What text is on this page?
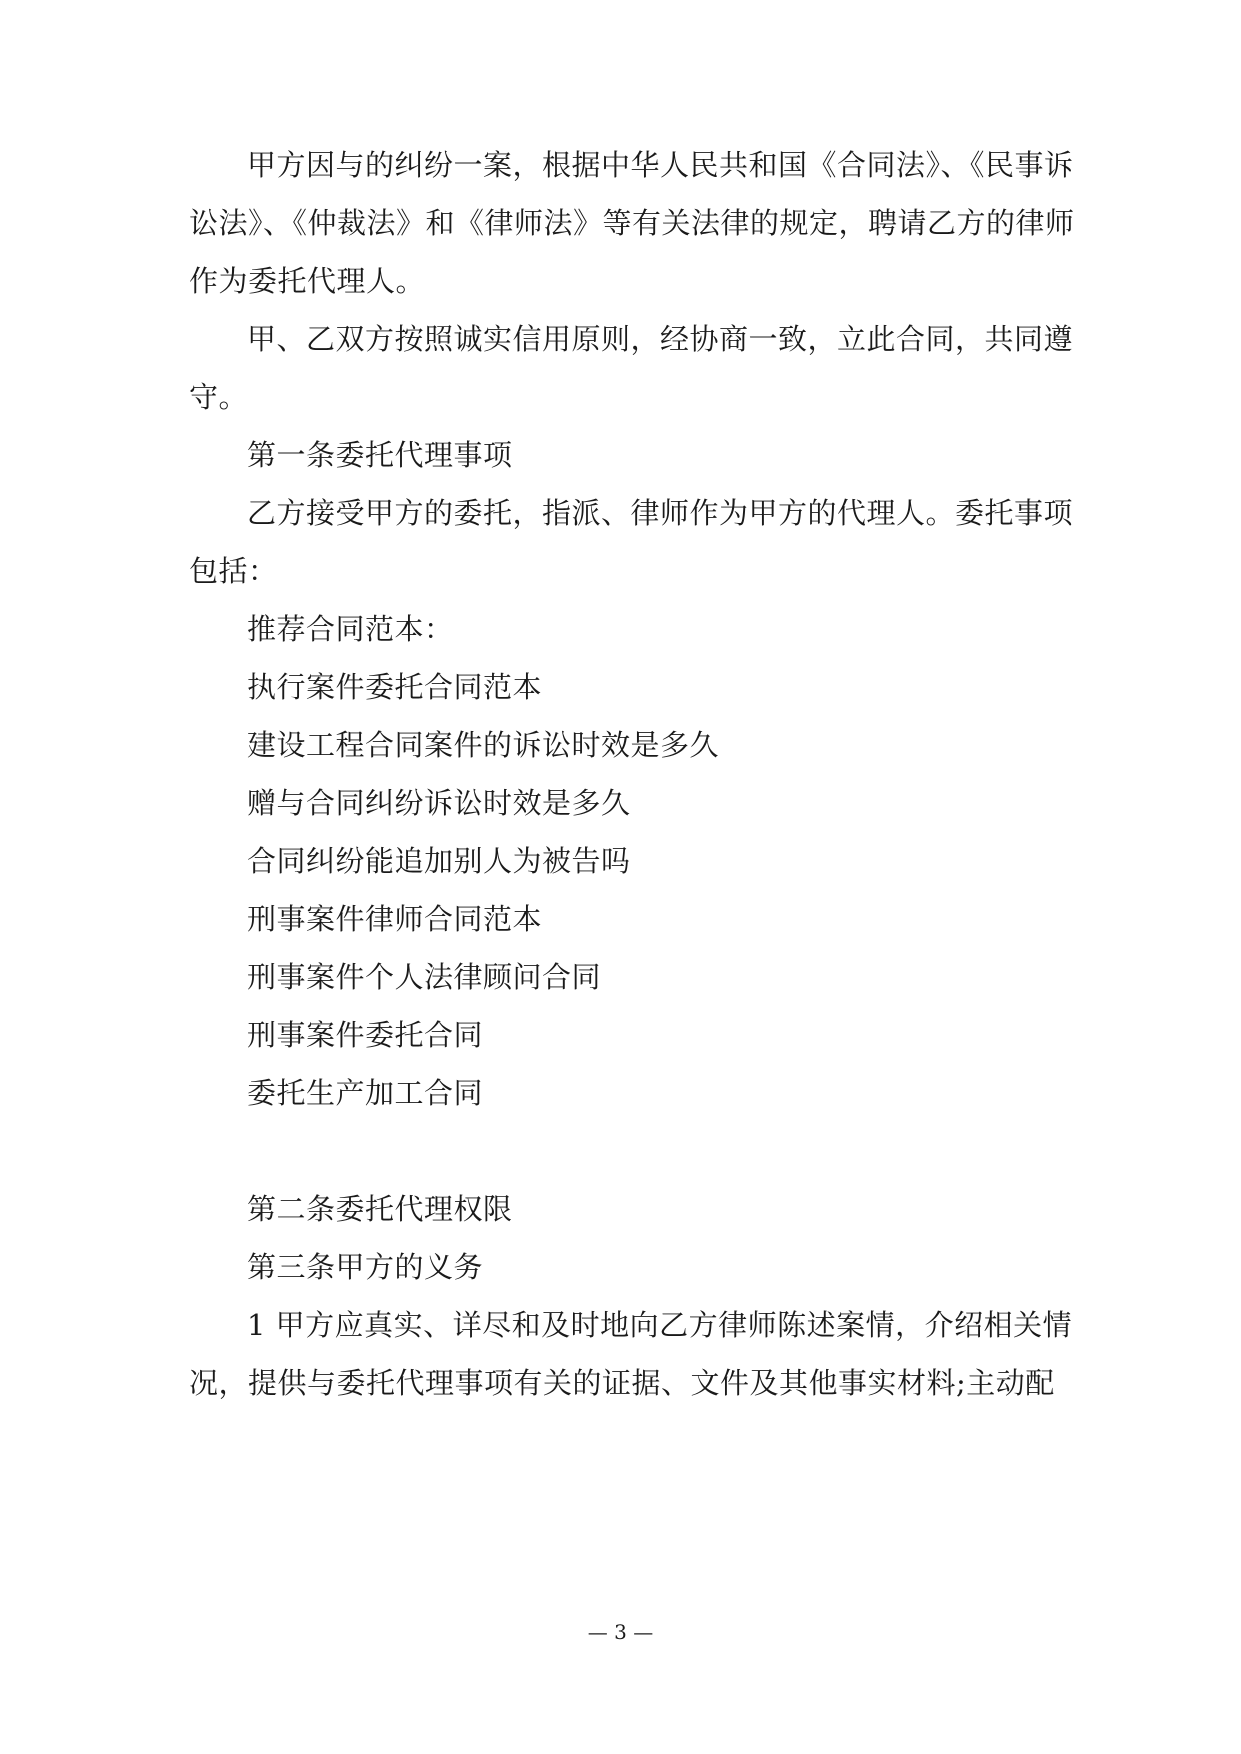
甲方因与的纠纷一案，根据中华人民共和国《合同法》、《民事诉
讼法》、《仲裁法》和《律师法》等有关法律的规定，聘请乙方的律师
作为委托代理人。
甲、乙双方按照诚实信用原则，经协商一致，立此合同，共同遵
守。
第一条委托代理事项
乙方接受甲方的委托，指派、律师作为甲方的代理人。委托事项
包括：
推荐合同范本：
执行案件委托合同范本
建设工程合同案件的诉讼时效是多久
赠与合同纠纷诉讼时效是多久
合同纠纷能追加别人为被告吗
刑事案件律师合同范本
刑事案件个人法律顾问合同
刑事案件委托合同
委托生产加工合同
第二条委托代理权限
第三条甲方的义务
1 甲方应真实、详尽和及时地向乙方律师陈述案情，介绍相关情
况，提供与委托代理事项有关的证据、文件及其他事实材料;主动配
— 3 —
